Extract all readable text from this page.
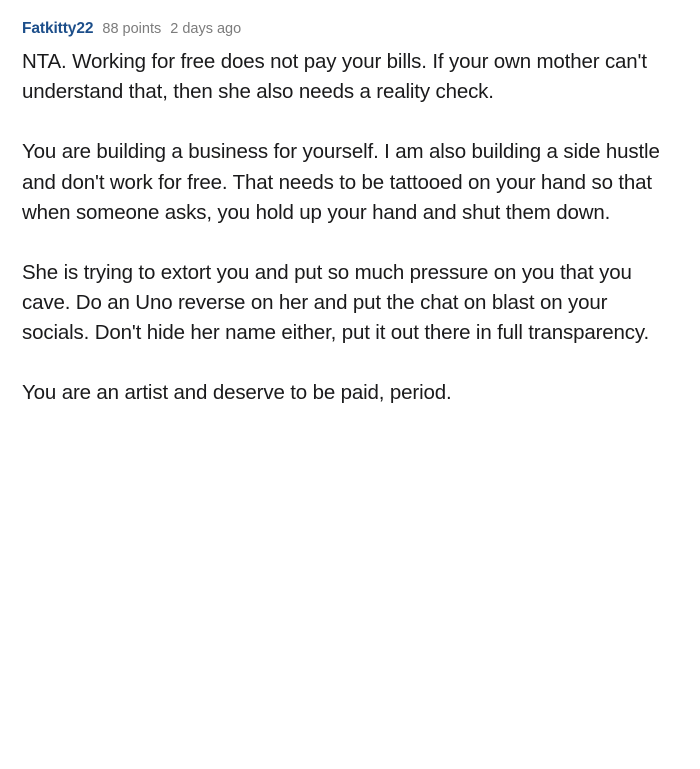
Fatkitty22 88 points 2 days ago

NTA. Working for free does not pay your bills. If your own mother can't understand that, then she also needs a reality check.

You are building a business for yourself. I am also building a side hustle and don't work for free. That needs to be tattooed on your hand so that when someone asks, you hold up your hand and shut them down.

She is trying to extort you and put so much pressure on you that you cave. Do an Uno reverse on her and put the chat on blast on your socials. Don't hide her name either, put it out there in full transparency.

You are an artist and deserve to be paid, period.
